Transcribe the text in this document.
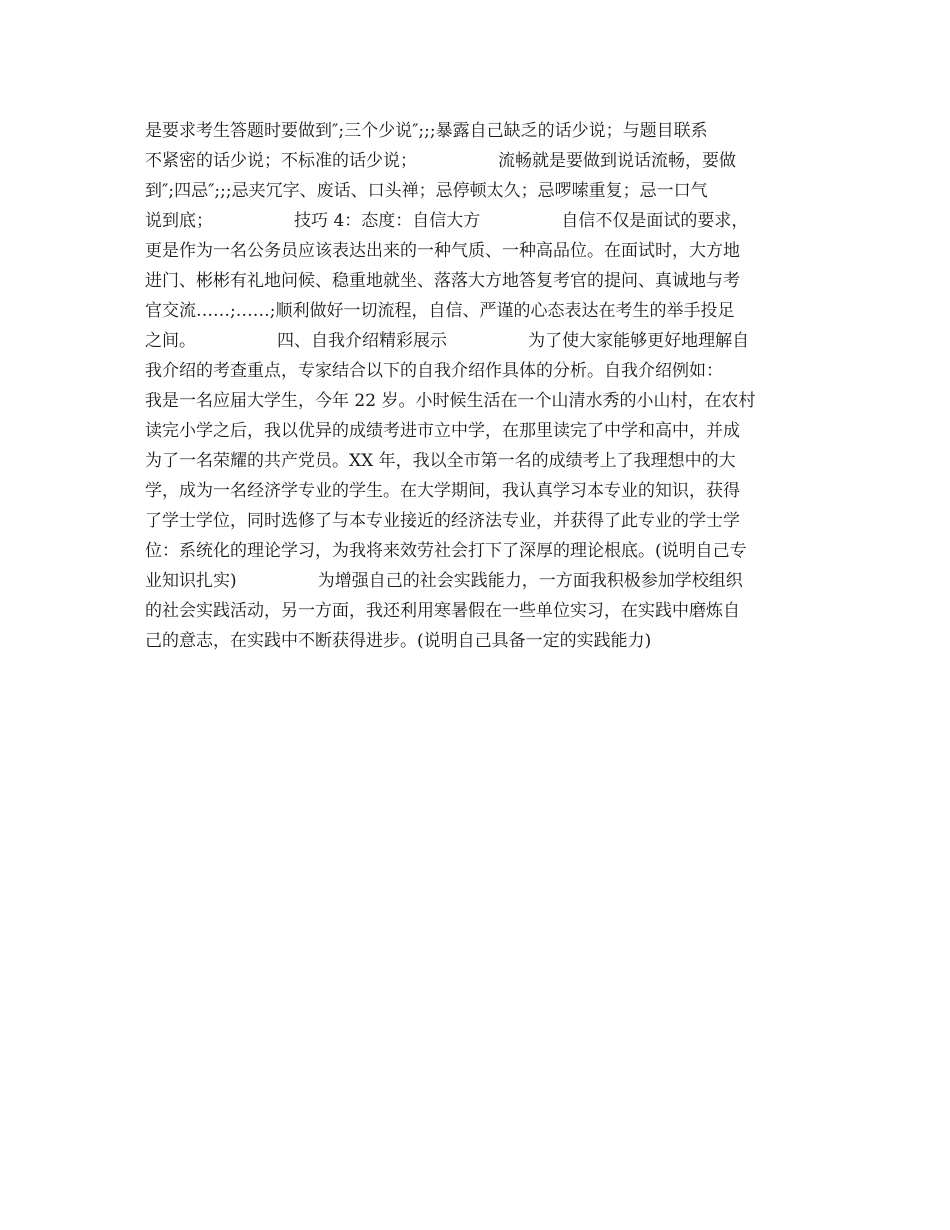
是要求考生答题时要做到″;三个少说″;;;暴露自己缺乏的话少说；与题目联系
不紧密的话少说；不标准的话少说；               流畅就是要做到说话流畅，要做
到″;四忌″;;;忌夹冗字、废话、口头禅；忌停顿太久；忌啰嗦重复；忌一口气
说到底；               技巧 4：态度：自信大方               自信不仅是面试的要求，
更是作为一名公务员应该表达出来的一种气质、一种高品位。在面试时，大方地
进门、彬彬有礼地问候、稳重地就坐、落落大方地答复考官的提问、真诚地与考
官交流……;……;顺利做好一切流程，自信、严谨的心态表达在考生的举手投足
之间。               四、自我介绍精彩展示               为了使大家能够更好地理解自
我介绍的考查重点，专家结合以下的自我介绍作具体的分析。自我介绍例如：
我是一名应届大学生，今年 22 岁。小时候生活在一个山清水秀的小山村，在农村
读完小学之后，我以优异的成绩考进市立中学，在那里读完了中学和高中，并成
为了一名荣耀的共产党员。XX 年，我以全市第一名的成绩考上了我理想中的大
学，成为一名经济学专业的学生。在大学期间，我认真学习本专业的知识，获得
了学士学位，同时选修了与本专业接近的经济法专业，并获得了此专业的学士学
位：系统化的理论学习，为我将来效劳社会打下了深厚的理论根底。(说明自己专
业知识扎实)               为增强自己的社会实践能力，一方面我积极参加学校组织
的社会实践活动，另一方面，我还利用寒暑假在一些单位实习，在实践中磨炼自
己的意志，在实践中不断获得进步。(说明自己具备一定的实践能力)
